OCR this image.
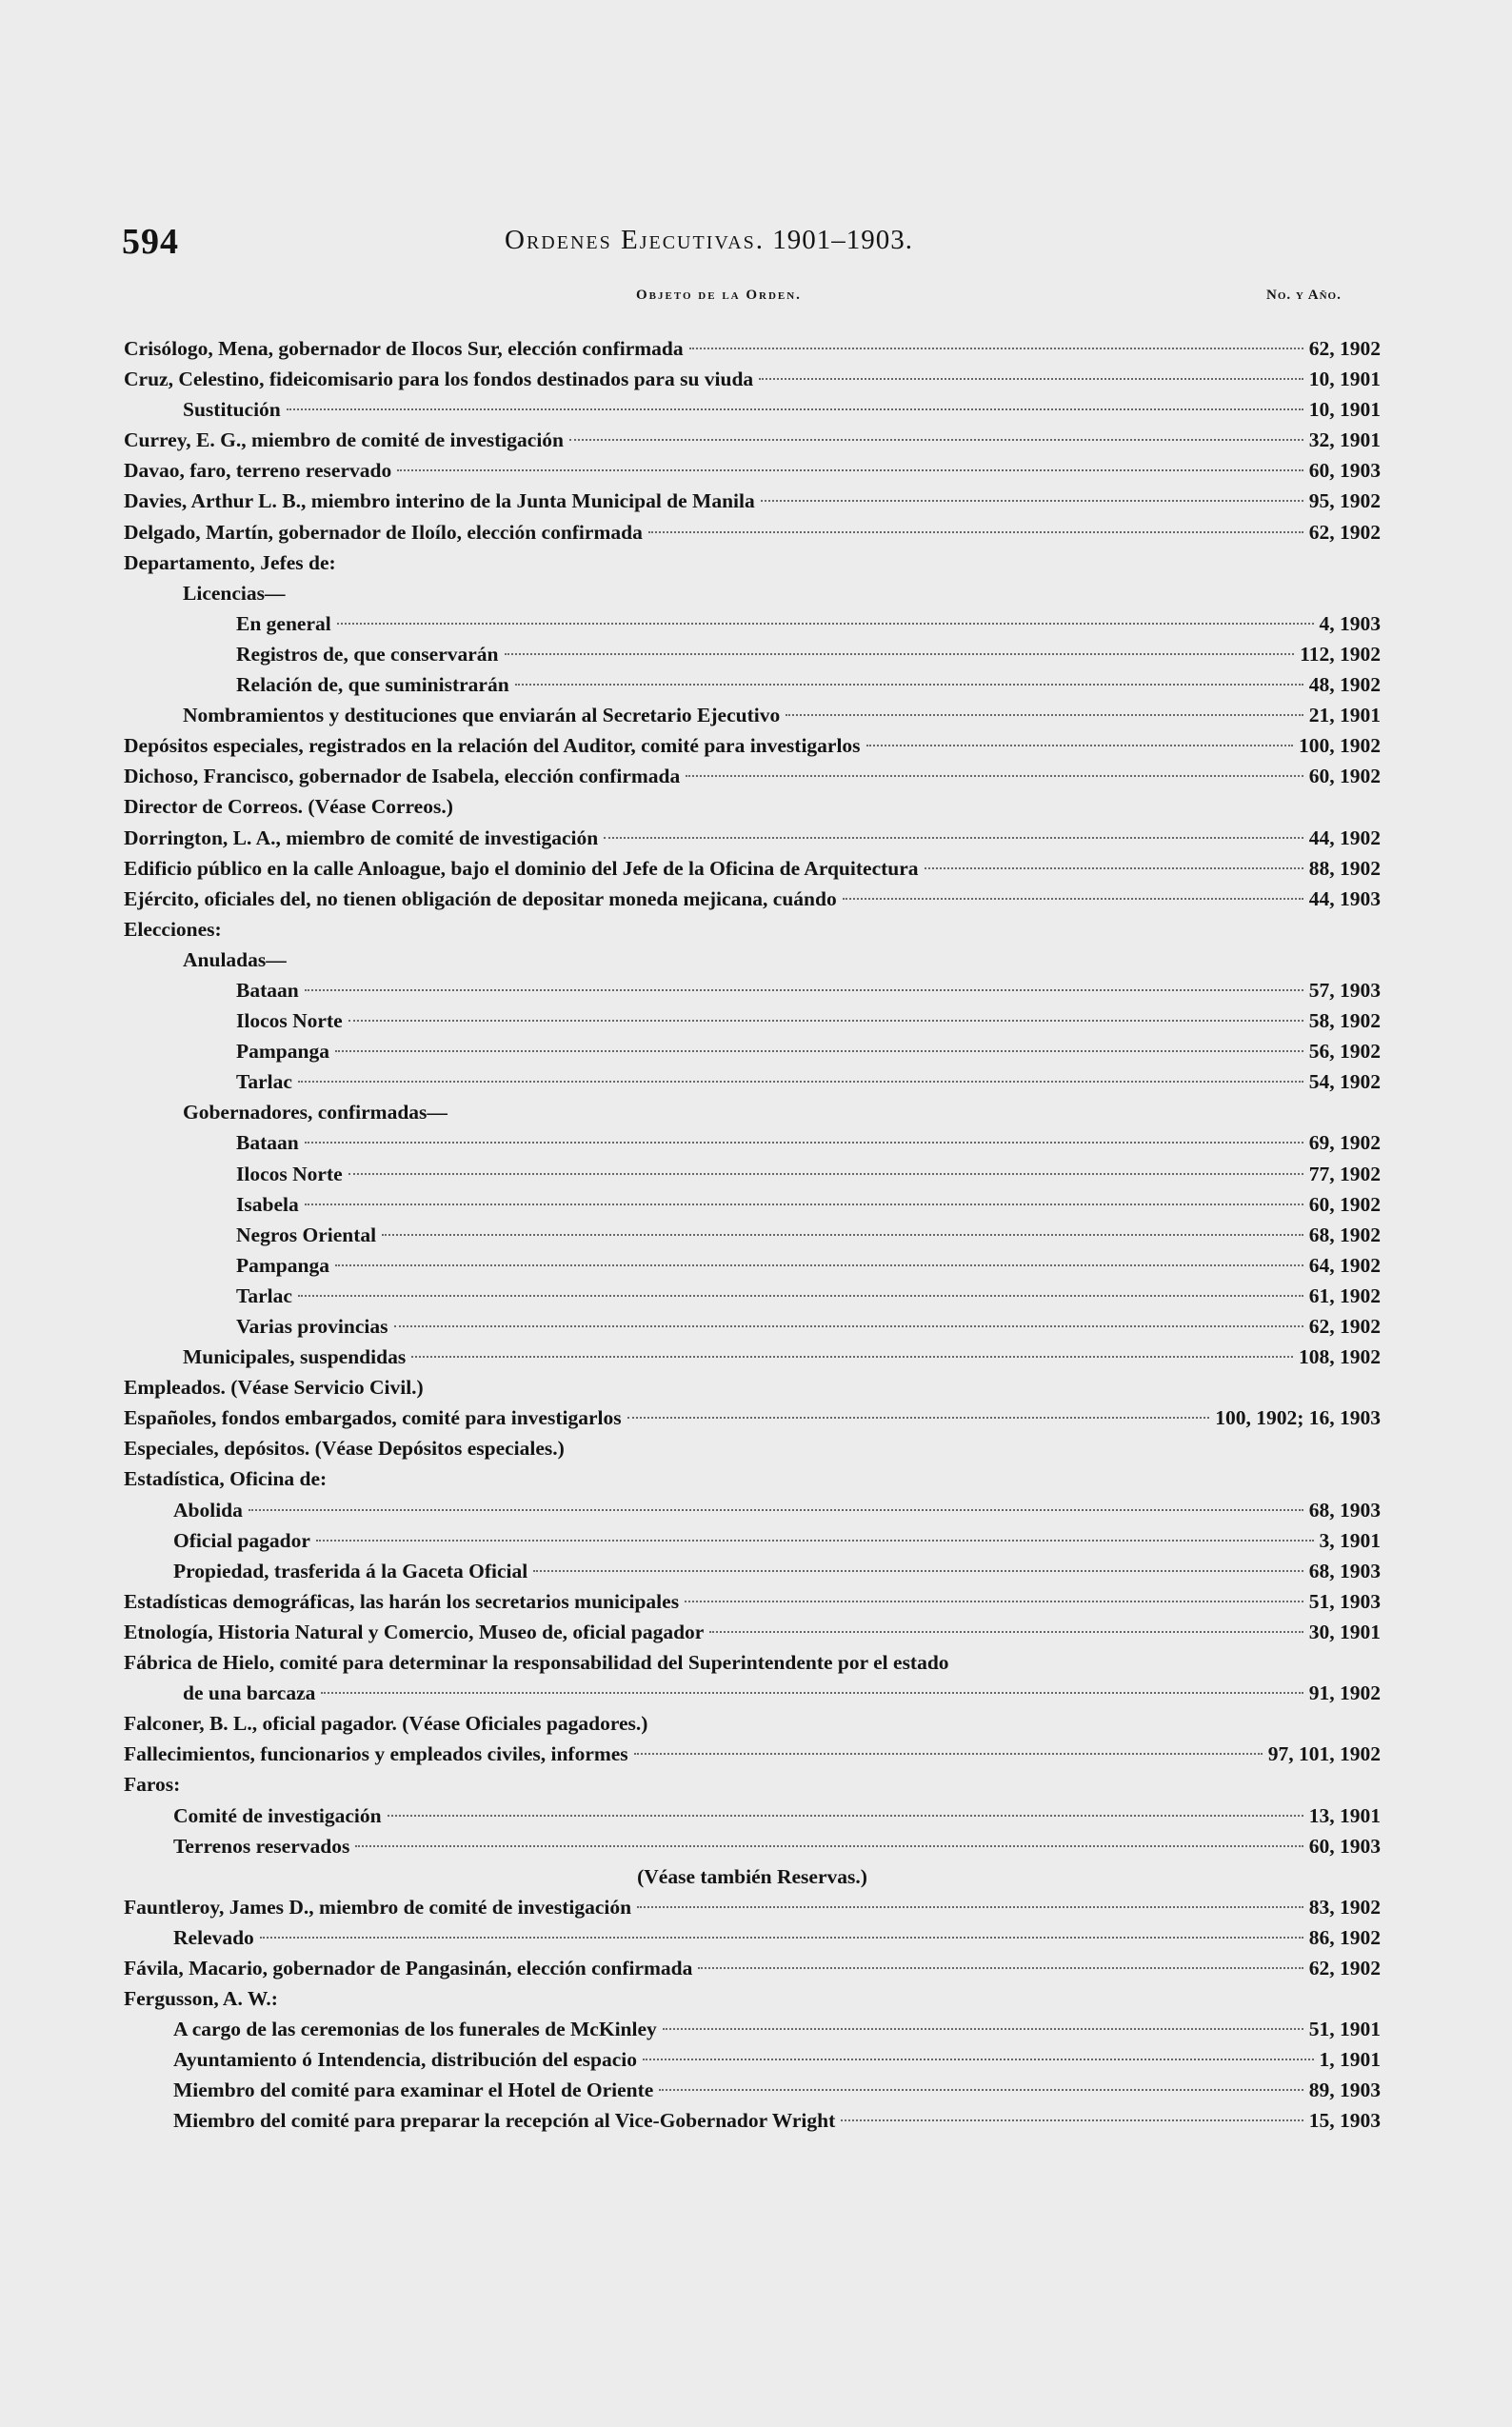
594	Ordenes Ejecutivas. 1901–1903.
Objeto de la Orden.	No. y Año.
Crisólogo, Mena, gobernador de Ilocos Sur, elección confirmada	62, 1902
Cruz, Celestino, fideicomisario para los fondos destinados para su viuda	10, 1901
Sustitución	10, 1901
Currey, E. G., miembro de comité de investigación	32, 1901
Davao, faro, terreno reservado	60, 1903
Davies, Arthur L. B., miembro interino de la Junta Municipal de Manila	95, 1902
Delgado, Martín, gobernador de Iloílo, elección confirmada	62, 1902
Departamento, Jefes de:
Licencias—
En general	4, 1903
Registros de, que conservarán	112, 1902
Relación de, que suministrarán	48, 1902
Nombramientos y destituciones que enviarán al Secretario Ejecutivo	21, 1901
Depósitos especiales, registrados en la relación del Auditor, comité para investigarlos	100, 1902
Dichoso, Francisco, gobernador de Isabela, elección confirmada	60, 1902
Director de Correos. (Véase Correos.)
Dorrington, L. A., miembro de comité de investigación	44, 1902
Edificio público en la calle Anloague, bajo el dominio del Jefe de la Oficina de Arquitectura	88, 1902
Ejército, oficiales del, no tienen obligación de depositar moneda mejicana, cuándo	44, 1903
Elecciones:
Anuladas—
Bataan	57, 1903
Ilocos Norte	58, 1902
Pampanga	56, 1902
Tarlac	54, 1902
Gobernadores, confirmadas—
Bataan	69, 1902
Ilocos Norte	77, 1902
Isabela	60, 1902
Negros Oriental	68, 1902
Pampanga	64, 1902
Tarlac	61, 1902
Varias provincias	62, 1902
Municipales, suspendidas	108, 1902
Empleados. (Véase Servicio Civil.)
Españoles, fondos embargados, comité para investigarlos	100, 1902; 16, 1903
Especiales, depósitos. (Véase Depósitos especiales.)
Estadística, Oficina de:
Abolida	68, 1903
Oficial pagador	3, 1901
Propiedad, trasferida á la Gaceta Oficial	68, 1903
Estadísticas demográficas, las harán los secretarios municipales	51, 1903
Etnología, Historia Natural y Comercio, Museo de, oficial pagador	30, 1901
Fábrica de Hielo, comité para determinar la responsabilidad del Superintendente por el estado
de una barcaza	91, 1902
Falconer, B. L., oficial pagador. (Véase Oficiales pagadores.)
Fallecimientos, funcionarios y empleados civiles, informes	97, 101, 1902
Faros:
Comité de investigación	13, 1901
Terrenos reservados	60, 1903
(Véase también Reservas.)
Fauntleroy, James D., miembro de comité de investigación	83, 1902
Relevado	86, 1902
Fávila, Macario, gobernador de Pangasinán, elección confirmada	62, 1902
Fergusson, A. W.:
A cargo de las ceremonias de los funerales de McKinley	51, 1901
Ayuntamiento ó Intendencia, distribución del espacio	1, 1901
Miembro del comité para examinar el Hotel de Oriente	89, 1903
Miembro del comité para preparar la recepción al Vice-Gobernador Wright	15, 1903
